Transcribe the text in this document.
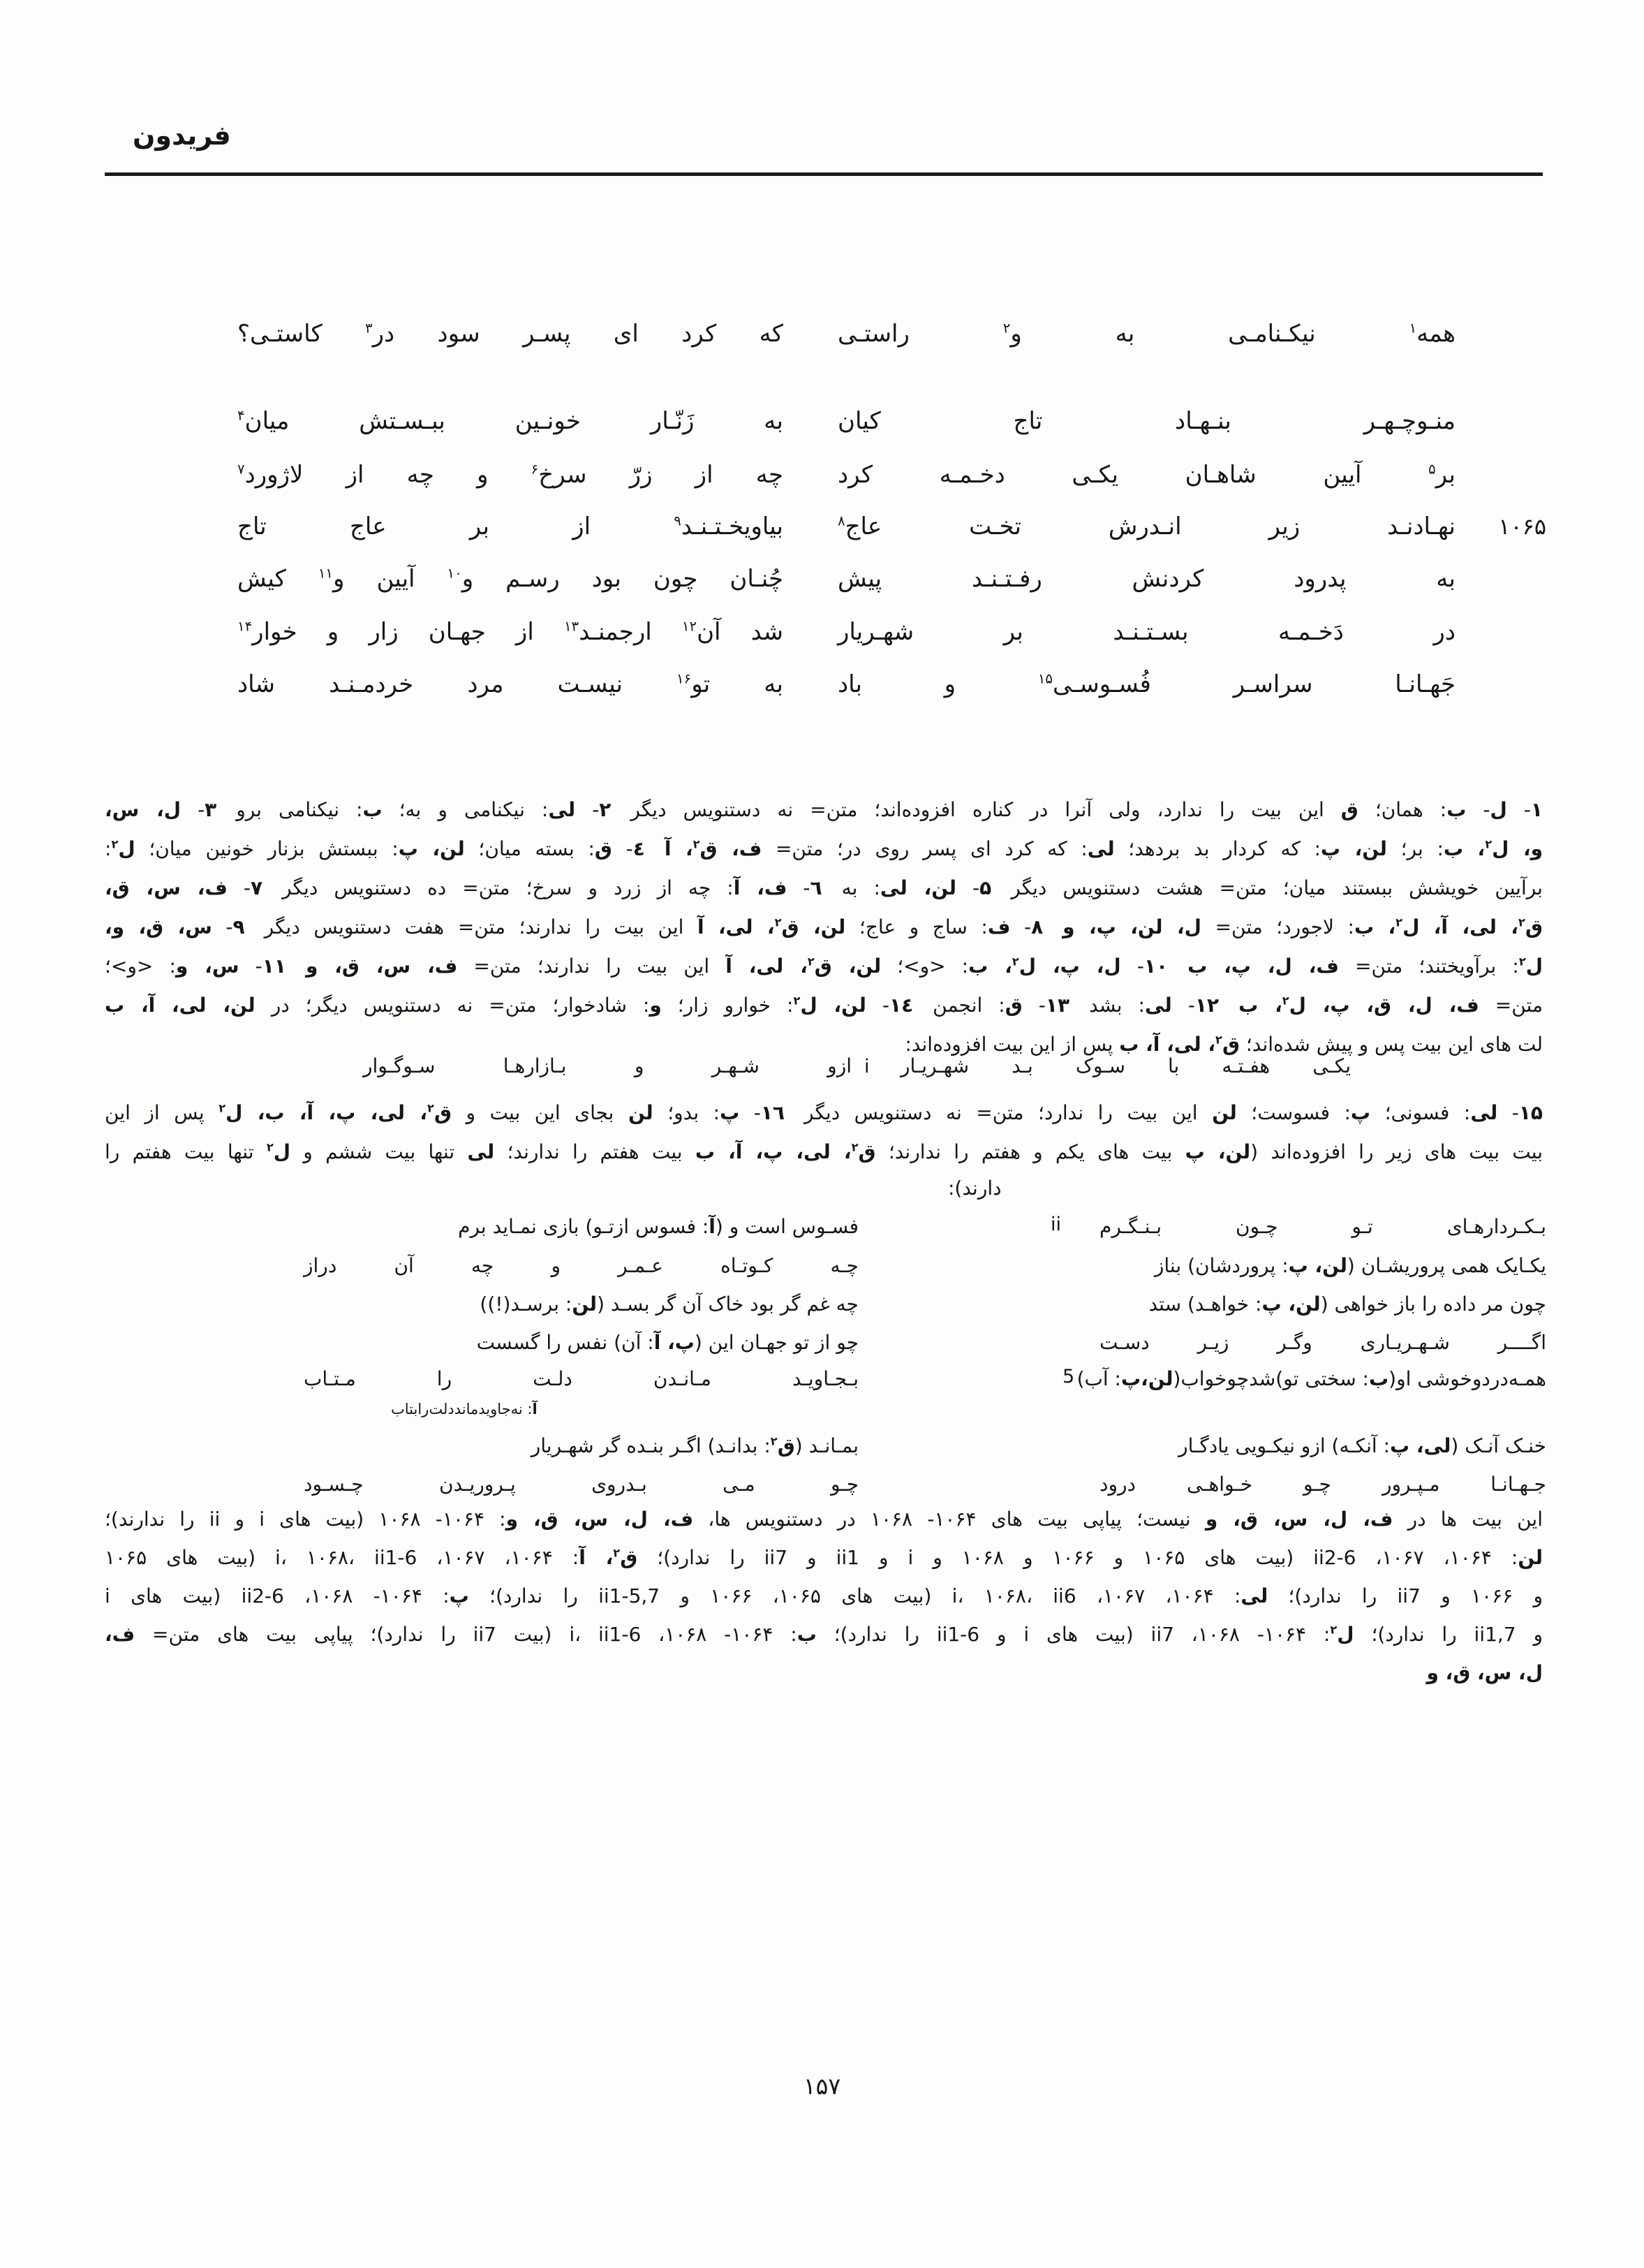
فریدون
همه$^۱$ نیکـنامـی به و$^۲$ راستـی
که کرد ای پسـر سود در$^۳$ کاستـی؟
منـوچـهـر بنـهـاد تاج کیان
به زَنّـار خونـین ببـسـتش میان$^۴$
بر$^۵$ آیین شاهـان یکـی دخـمـه کرد
چه از زرّ سرخ$^۶$ و چه از لاژورد$^۷$
نهـادنـد زیر انـدرش تخـت عاج$^۸$
بیاویخـتـنـد$^۹$ از بر عاج تاج	۱۰۶۵
به پدرود کردنش رفـتـنـد پیش
چُنـان چون بود رسـم و$^{۱۰}$ آیین و$^{۱۱}$ کیش
در دَخـمـه بسـتـنـد بر شهـریار
شد آن$^{۱۲}$ ارجمنـد$^{۱۳}$ از جهـان زار و خوار$^{۱۴}$
جَهـانـا سراسـر فُسـوسـی$^{۱۵}$ و باد
به تو$^{۱۶}$ نیسـت مرد خردمـنـد شاد
۱- ل- ب: همان؛ ق این بیت را ندارد، ولی آنرا در کناره افزوده‌اند؛ متن= نه دستنویس دیگر  ۲- لی: نیکنامی و به؛ ب: نیکنامی برو  ۳- ل، س،
و، ل$^۲$، ب: بر؛ لن، پ: که کردار بد بردهد؛ لی: که کرد ای پسر روی در؛ متن= ف، ق$^۲$، آ  ٤- ق: بسته میان؛ لن، پ: ببستش بزنار خونین میان؛ ل$^۲$:
برآیین خویشش ببستند میان؛ متن= هشت دستنویس دیگر  ۵- لن، لی: به  ٦- ف، آ: چه از زرد و سرخ؛ متن= ده دستنویس دیگر  ۷- ف، س، ق،
ق$^۲$، لی، آ، ل$^۲$، ب: لاجورد؛ متن= ل، لن، پ، و  ۸- ف: ساج و عاج؛ لن، ق$^۲$، لی، آ این بیت را ندارند؛ متن= هفت دستنویس دیگر  ۹- س، ق، و،
ل$^۲$: برآویختند؛ متن= ف، ل، پ، ب  ۱۰- ل، پ، ل$^۲$، ب: <و>؛ لن، ق$^۲$، لی، آ این بیت را ندارند؛ متن= ف، س، ق، و  ۱۱- س، و: <و>؛
متن= ف، ل، ق، پ، ل$^۲$، ب  ۱۲- لی: بشد  ۱۳- ق: انجمن  ۱٤- لن، ل$^۲$: خوارو زار؛ و: شادخوار؛ متن= نه دستنویس دیگر؛ در لن، لی، آ، ب
لت های این بیت پس و پیش شده‌اند؛ ق$^۲$، لی، آ، ب پس از این بیت افزوده‌اند:
i یکـی هفـتـه با سـوک بـد شهـریـار
ازو شـهـر و بـازارهـا سـوگـوار
۱۵- لی: فسونی؛ پ: فسوست؛ لن این بیت را ندارد؛ متن= نه دستنویس دیگر  ۱٦- پ: بدو؛ لن بجای این بیت و ق$^۲$، لی، پ، آ، ب، ل$^۲$ پس از این
بیت بیت های زیر را افزوده‌اند (لن، پ بیت های یکم و هفتم را ندارند؛ ق$^۲$، لی، پ، آ، ب بیت هفتم را ندارند؛ لی تنها بیت ششم و ل$^۲$ تنها بیت هفتم را
دارند):
ii
5
بـکـردارهـای تـو چـون بـنـگـرم
فسـوس است و (آ: فسوس ازتـو) بازی نمـاید برم
یکـایک همی پروریشـان (لن، پ: پروردشان) بناز
چـه کـوتـاه عـمـر و چه آن دراز
چون مر داده را باز خواهی (لن، پ: خواهـد) ستد
چه غم گر بود خاک آن گر بسـد (لن: برسـد(!))
اگــــر شـهـریـاری وگـر زیـر دسـت
چو از تو جهـان این (پ، آ: آن) نفس را گسست
همـه‌دردوخوشی او(ب: سختی تو)شدچوخواب(لن،پ: آب)
بـجـاویـد مـانـدن دلـت را مـتـاب
خنـک آنـک (لی، پ: آنکـه) ازو نیکـویی یادگـار
بمـانـد (ق$^۲$: بدانـد) اگـر بنـده گر شهـریار
جـهـانـا مـپـرور چـو خـواهـی درود
چـو مـی بـدروی پـروریـدن چـسـود
آ: نه‌جاویدمانددلت‌رابتاب
این بیت ها در ف، ل، س، ق، و نیست؛ پیاپی بیت های ۱۰۶۴- ۱۰۶۸ در دستنویس ها، ف، ل، س، ق، و: ۱۰۶۴- ۱۰۶۸ (بیت های i و ii را ندارند)؛
لن: ۱۰۶۴، ۱۰۶۷، ii2-6 (بیت های ۱۰۶۵ و ۱۰۶۶ و ۱۰۶۸ و i و ii1 و ii7 را ندارد)؛ ق$^۲$، آ: ۱۰۶۴، ۱۰۶۷، i، ۱۰۶۸، ii1-6 (بیت های ۱۰۶۵
و ۱۰۶۶ و ii7 را ندارد)؛ لی: ۱۰۶۴، ۱۰۶۷، i، ۱۰۶۸، ii6 (بیت های ۱۰۶۵، ۱۰۶۶ و ii1-5,7 را ندارد)؛ پ: ۱۰۶۴- ۱۰۶۸، ii2-6 (بیت های i
و ii1,7 را ندارد)؛ ل$^۲$: ۱۰۶۴- ۱۰۶۸، ii7 (بیت های i و ii1-6 را ندارد)؛ ب: ۱۰۶۴- ۱۰۶۸، i، ii1-6 (بیت ii7 را ندارد)؛ پیاپی بیت های متن= ف،
ل، س، ق، و
۱۵۷
